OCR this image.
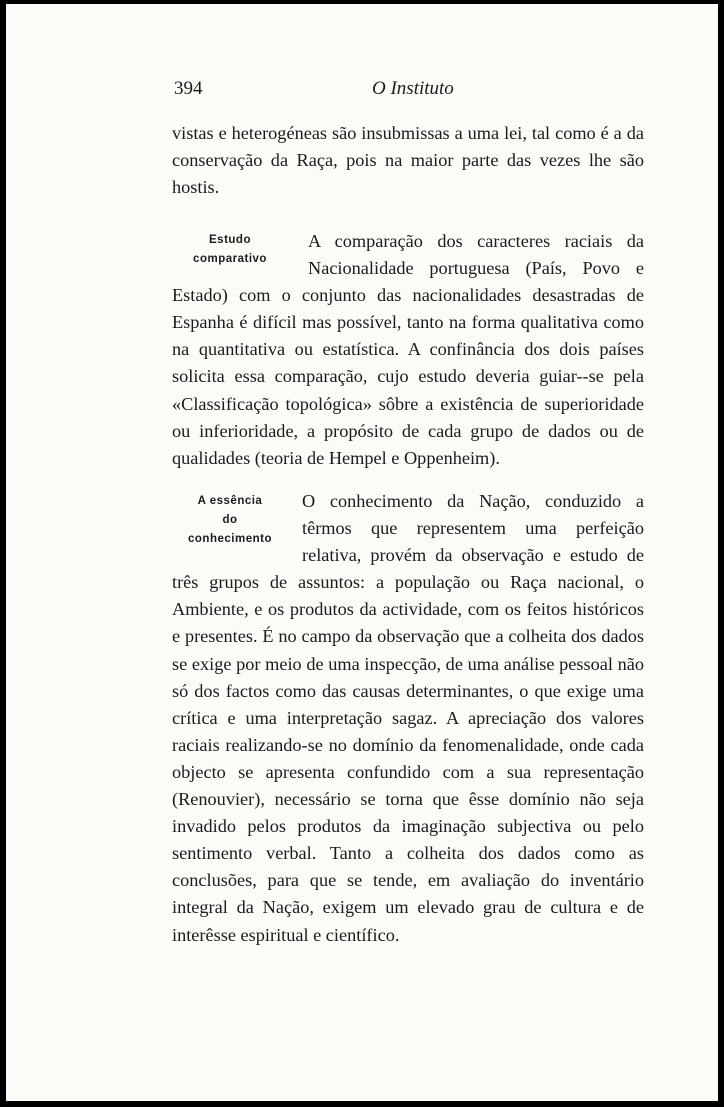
394	O Instituto

vistas e heterogéneas são insubmissas a uma lei, tal como é a da conservação da Raça, pois na maior parte das vezes lhe são hostis.

Estudo
comparativo

A comparação dos caracteres raciais da Nacionalidade portuguesa (País, Povo e Estado) com o conjunto das nacionalidades desastradas de Espanha é difícil mas possível, tanto na forma qualitativa como na quantitativa ou estatística. A confinância dos dois países solicita essa comparação, cujo estudo deveria guiar--se pela «Classificação topológica» sôbre a existência de superioridade ou inferioridade, a propósito de cada grupo de dados ou de qualidades (teoria de Hempel e Oppenheim).

A essência
do
conhecimento

O conhecimento da Nação, conduzido a têrmos que representem uma perfeição relativa, provém da observação e estudo de três grupos de assuntos: a população ou Raça nacional, o Ambiente, e os produtos da actividade, com os feitos históricos e presentes. É no campo da observação que a colheita dos dados se exige por meio de uma inspecção, de uma análise pessoal não só dos factos como das causas determinantes, o que exige uma crítica e uma interpretação sagaz. A apreciação dos valores raciais realizando-se no domínio da fenomenalidade, onde cada objecto se apresenta confundido com a sua representação (Renouvier), necessário se torna que êsse domínio não seja invadido pelos produtos da imaginação subjectiva ou pelo sentimento verbal. Tanto a colheita dos dados como as conclusões, para que se tende, em avaliação do inventário integral da Nação, exigem um elevado grau de cultura e de interêsse espiritual e científico.
